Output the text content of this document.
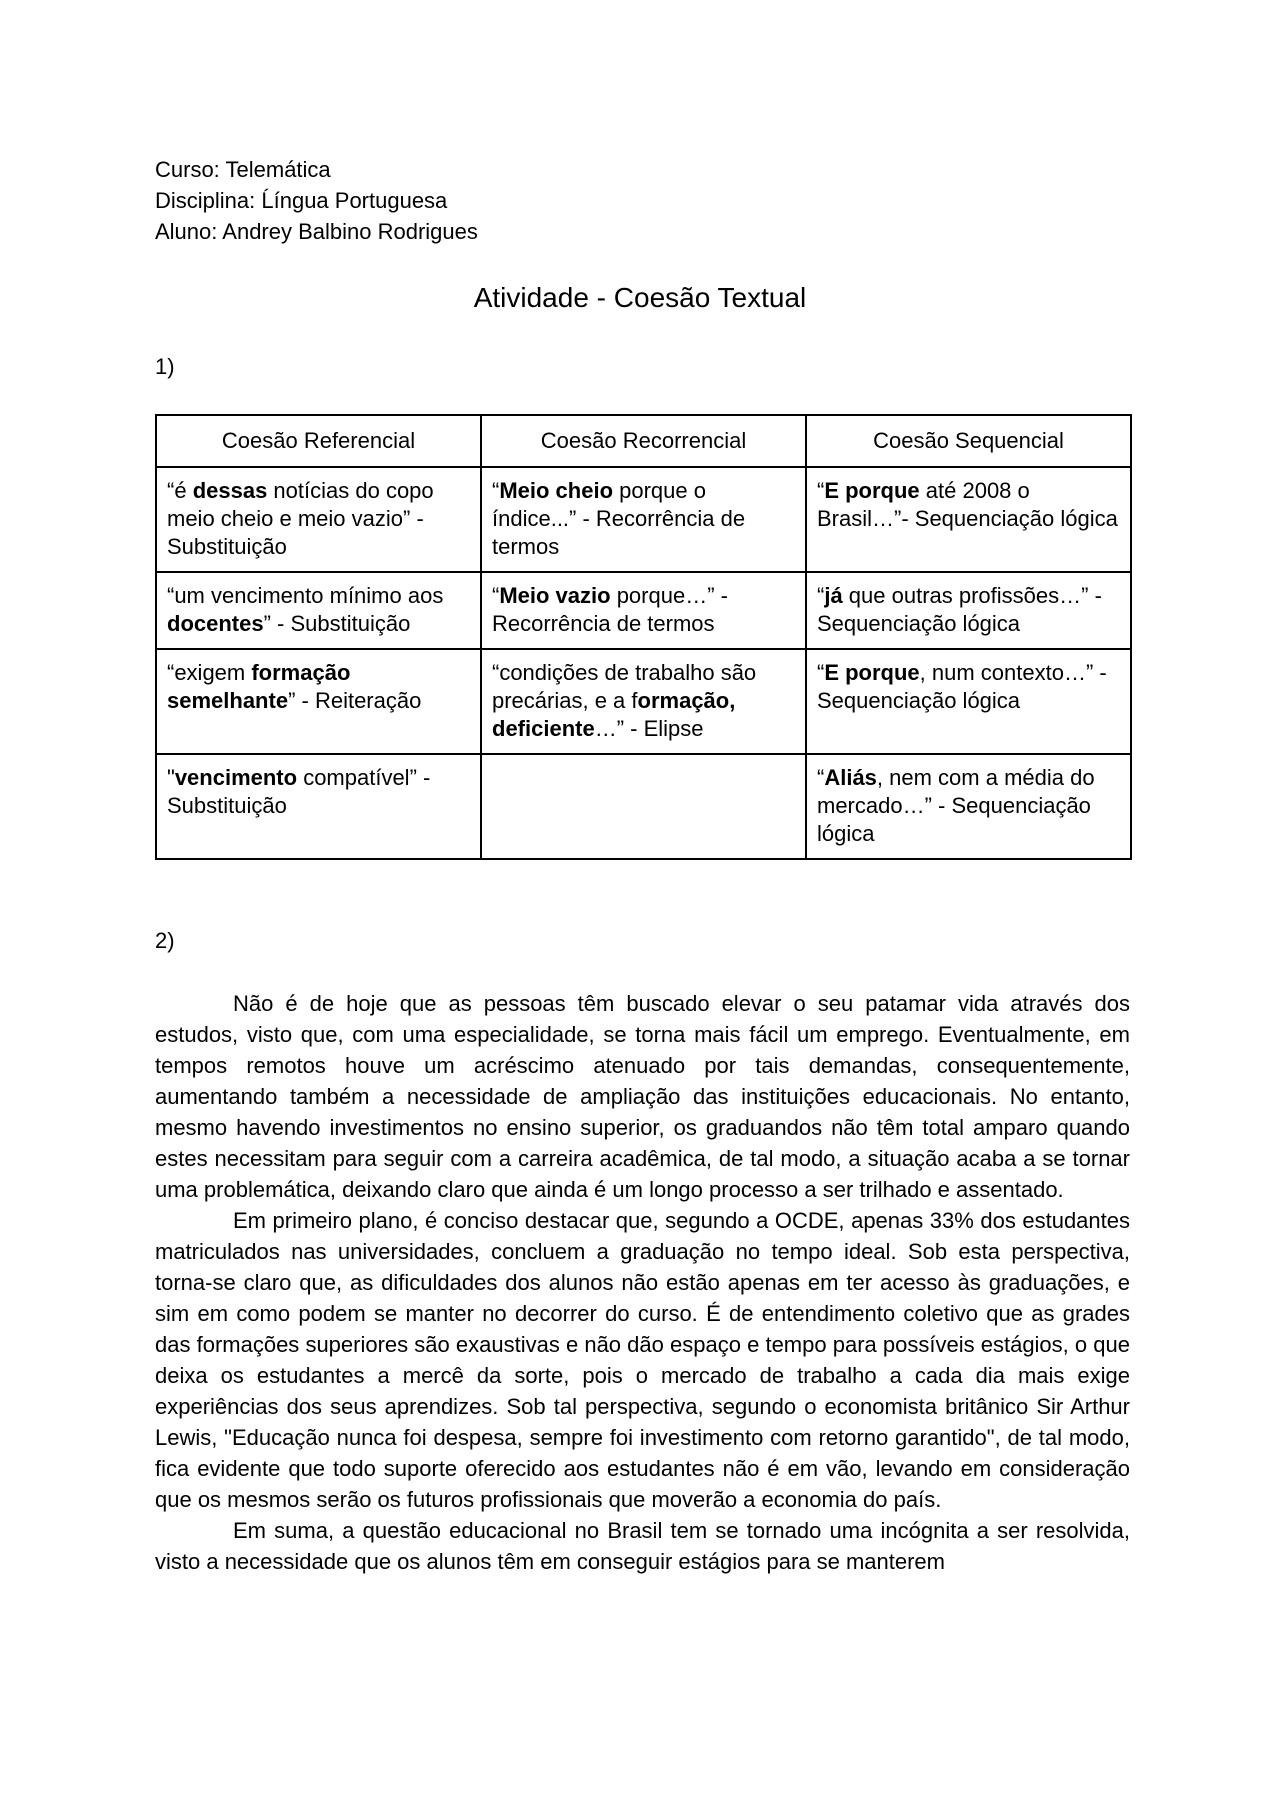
Curso: Telemática
Disciplina: Ĺíngua Portuguesa
Aluno: Andrey Balbino Rodrigues
Atividade - Coesão Textual
1)
Coesão Referencial	Coesão Recorrencial	Coesão Sequencial
“é dessas notícias do copo meio cheio e meio vazio” - Substituição	“Meio cheio porque o índice...” - Recorrência de termos	“E porque até 2008 o Brasil…”- Sequenciação lógica
“um vencimento mínimo aos docentes” - Substituição	“Meio vazio porque…” - Recorrência de termos	“já que outras profissões…” - Sequenciação lógica
“exigem formação semelhante” - Reiteração	“condições de trabalho são precárias, e a formação, deficiente…” - Elipse	“E porque, num contexto…” - Sequenciação lógica
"vencimento compatível” - Substituição		“Aliás, nem com a média do mercado…” - Sequenciação lógica
2)

Não é de hoje que as pessoas têm buscado elevar o seu patamar vida através dos estudos, visto que, com uma especialidade, se torna mais fácil um emprego. Eventualmente, em tempos remotos houve um acréscimo atenuado por tais demandas, consequentemente, aumentando também a necessidade de ampliação das instituições educacionais. No entanto, mesmo havendo investimentos no ensino superior, os graduandos não têm total amparo quando estes necessitam para seguir com a carreira acadêmica, de tal modo, a situação acaba a se tornar uma problemática, deixando claro que ainda é um longo processo a ser trilhado e assentado.

Em primeiro plano, é conciso destacar que, segundo a OCDE, apenas 33% dos estudantes matriculados nas universidades, concluem a graduação no tempo ideal. Sob esta perspectiva, torna-se claro que, as dificuldades dos alunos não estão apenas em ter acesso às graduações, e sim em como podem se manter no decorrer do curso. É de entendimento coletivo que as grades das formações superiores são exaustivas e não dão espaço e tempo para possíveis estágios, o que deixa os estudantes a mercê da sorte, pois o mercado de trabalho a cada dia mais exige experiências dos seus aprendizes. Sob tal perspectiva, segundo o economista britânico Sir Arthur Lewis, "Educação nunca foi despesa, sempre foi investimento com retorno garantido", de tal modo, fica evidente que todo suporte oferecido aos estudantes não é em vão, levando em consideração que os mesmos serão os futuros profissionais que moverão a economia do país.

Em suma, a questão educacional no Brasil tem se tornado uma incógnita a ser resolvida, visto a necessidade que os alunos têm em conseguir estágios para se manterem
